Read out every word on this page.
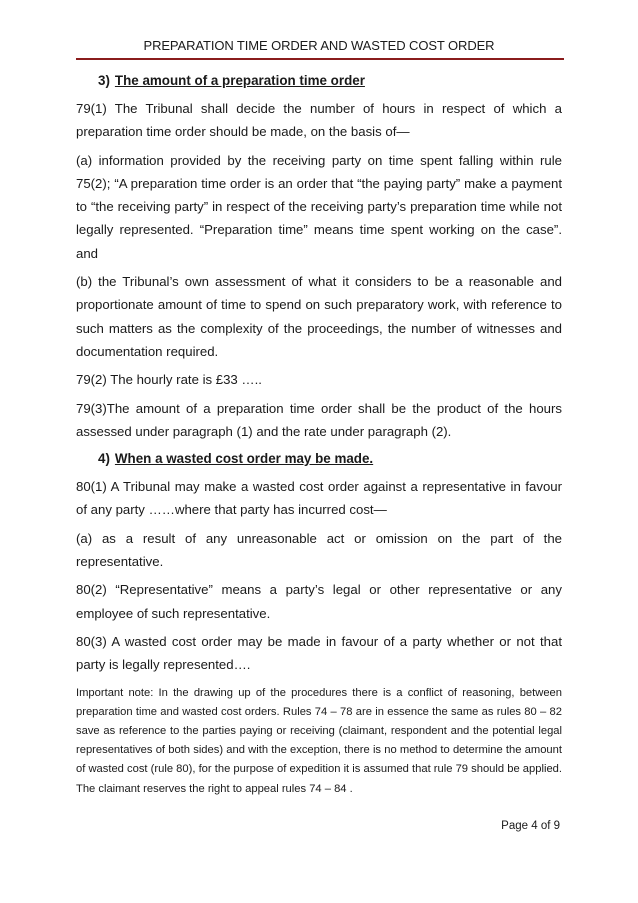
PREPARATION TIME ORDER AND WASTED COST ORDER
3) The amount of a preparation time order

79(1) The Tribunal shall decide the number of hours in respect of which a preparation time order should be made, on the basis of—

(a) information provided by the receiving party on time spent falling within rule 75(2); “A preparation time order is an order that “the paying party” make a payment to “the receiving party” in respect of the receiving party’s preparation time while not legally represented. “Preparation time” means time spent working on the case”. and

(b) the Tribunal’s own assessment of what it considers to be a reasonable and proportionate amount of time to spend on such preparatory work, with reference to such matters as the complexity of the proceedings, the number of witnesses and documentation required.

79(2) The hourly rate is £33 …..

79(3)The amount of a preparation time order shall be the product of the hours assessed under paragraph (1) and the rate under paragraph (2).

4) When a wasted cost order may be made.

80(1) A Tribunal may make a wasted cost order against a representative in favour of any party ……where that party has incurred cost—

(a) as a result of any unreasonable act or omission on the part of the representative.

80(2) “Representative” means a party’s legal or other representative or any employee of such representative.

80(3) A wasted cost order may be made in favour of a party whether or not that party is legally represented….

Important note: In the drawing up of the procedures there is a conflict of reasoning, between preparation time and wasted cost orders. Rules 74 – 78 are in essence the same as rules 80 – 82 save as reference to the parties paying or receiving (claimant, respondent and the potential legal representatives of both sides) and with the exception, there is no method to determine the amount of wasted cost (rule 80), for the purpose of expedition it is assumed that rule 79 should be applied. The claimant reserves the right to appeal rules 74 – 84 .

Page 4 of 9
